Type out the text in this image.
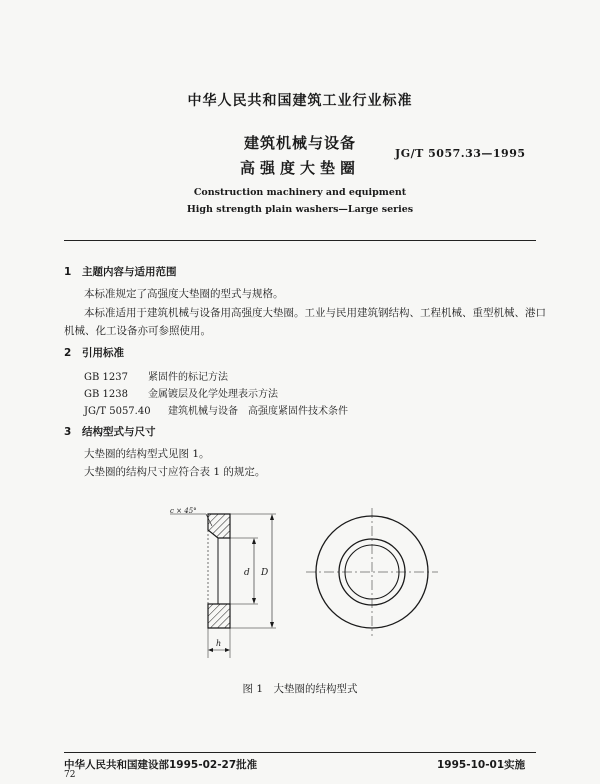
中华人民共和国建筑工业行业标准
建筑机械与设备
高强度大垫圈
JG/T 5057.33—1995
Construction machinery and equipment
High strength plain washers—Large series
1 主题内容与适用范围
本标准规定了高强度大垫圈的型式与规格。
本标准适用于建筑机械与设备用高强度大垫圈。工业与民用建筑钢结构、工程机械、重型机械、港口
机械、化工设备亦可参照使用。
2 引用标准
GB 1237 紧固件的标记方法
GB 1238 金属镀层及化学处理表示方法
JG/T 5057.40 建筑机械与设备　高强度紧固件技术条件
3 结构型式与尺寸
大垫圈的结构型式见图 1。
大垫圈的结构尺寸应符合表 1 的规定。
c × 45°
d D
h
图 1　大垫圈的结构型式
中华人民共和国建设部1995-02-27批准	1995-10-01实施
72
